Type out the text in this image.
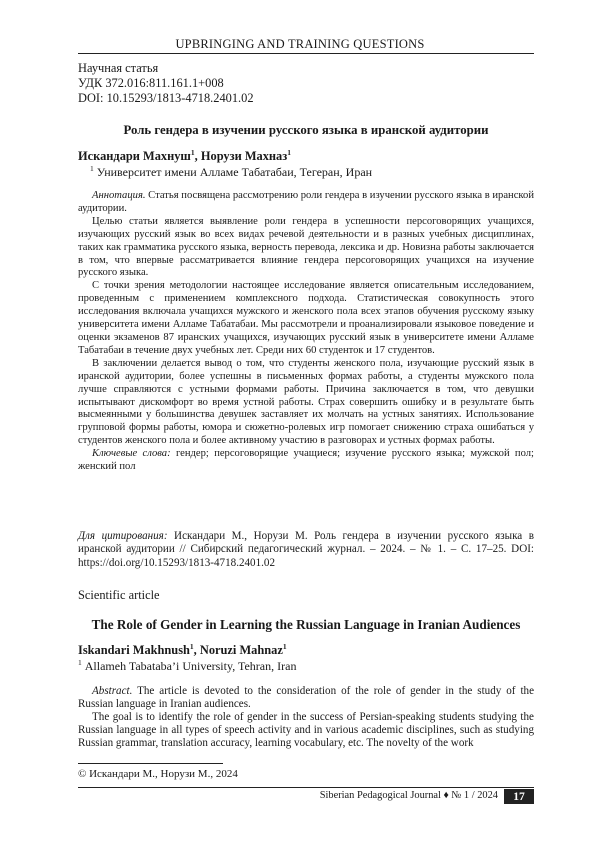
UPBRINGING AND TRAINING QUESTIONS
Научная статья
УДК 372.016:811.161.1+008
DOI: 10.15293/1813-4718.2401.02
Роль гендера в изучении русского языка в иранской аудитории
Искандари Махнуш$^1$, Норузи Махназ$^1$
$^1$ Университет имени Алламе Табатабаи, Тегеран, Иран

Аннотация. Статья посвящена рассмотрению роли гендера в изучении русского языка в иранской аудитории.

Целью статьи является выявление роли гендера в успешности персоговорящих учащихся, изучающих русский язык во всех видах речевой деятельности и в разных учебных дисциплинах, таких как грамматика русского языка, верность перевода, лексика и др. Новизна работы заключается в том, что впервые рассматривается влияние гендера персоговорящих учащихся на изучение русского языка.

С точки зрения методологии настоящее исследование является описательным исследованием, проведенным с применением комплексного подхода. Статистическая совокупность этого исследования включала учащихся мужского и женского пола всех этапов обучения русскому языку университета имени Алламе Табатабаи. Мы рассмотрели и проанализировали языковое поведение и оценки экзаменов 87 иранских учащихся, изучающих русский язык в университете имени Алламе Табатабаи в течение двух учебных лет. Среди них 60 студенток и 17 студентов.

В заключении делается вывод о том, что студенты женского пола, изучающие русский язык в иранской аудитории, более успешны в письменных формах работы, а студенты мужского пола лучше справляются с устными формами работы. Причина заключается в том, что девушки испытывают дискомфорт во время устной работы. Страх совершить ошибку и в результате быть высмеянными у большинства девушек заставляет их молчать на устных занятиях. Использование групповой формы работы, юмора и сюжетно-ролевых игр помогает снижению страха ошибаться у студентов женского пола и более активному участию в разговорах и устных формах работы.

Ключевые слова: гендер; персоговорящие учащиеся; изучение русского языка; мужской пол; женский пол

Для цитирования: Искандари М., Норузи М. Роль гендера в изучении русского языка в иранской аудитории // Сибирский педагогический журнал. – 2024. – № 1. – С. 17–25. DOI: https://doi.org/10.15293/1813-4718.2401.02
Scientific article
The Role of Gender in Learning the Russian Language in Iranian Audiences
Iskandari Makhnush$^1$, Noruzi Mahnaz$^1$
$^1$ Allameh Tabataba’i University, Tehran, Iran

Abstract. The article is devoted to the consideration of the role of gender in the study of the Russian language in Iranian audiences.

The goal is to identify the role of gender in the success of Persian-speaking students studying the Russian language in all types of speech activity and in various academic disciplines, such as studying Russian grammar, translation accuracy, learning vocabulary, etc. The novelty of the work

© Искандари М., Норузи М., 2024
Siberian Pedagogical Journal ♦ № 1 / 2024	17
